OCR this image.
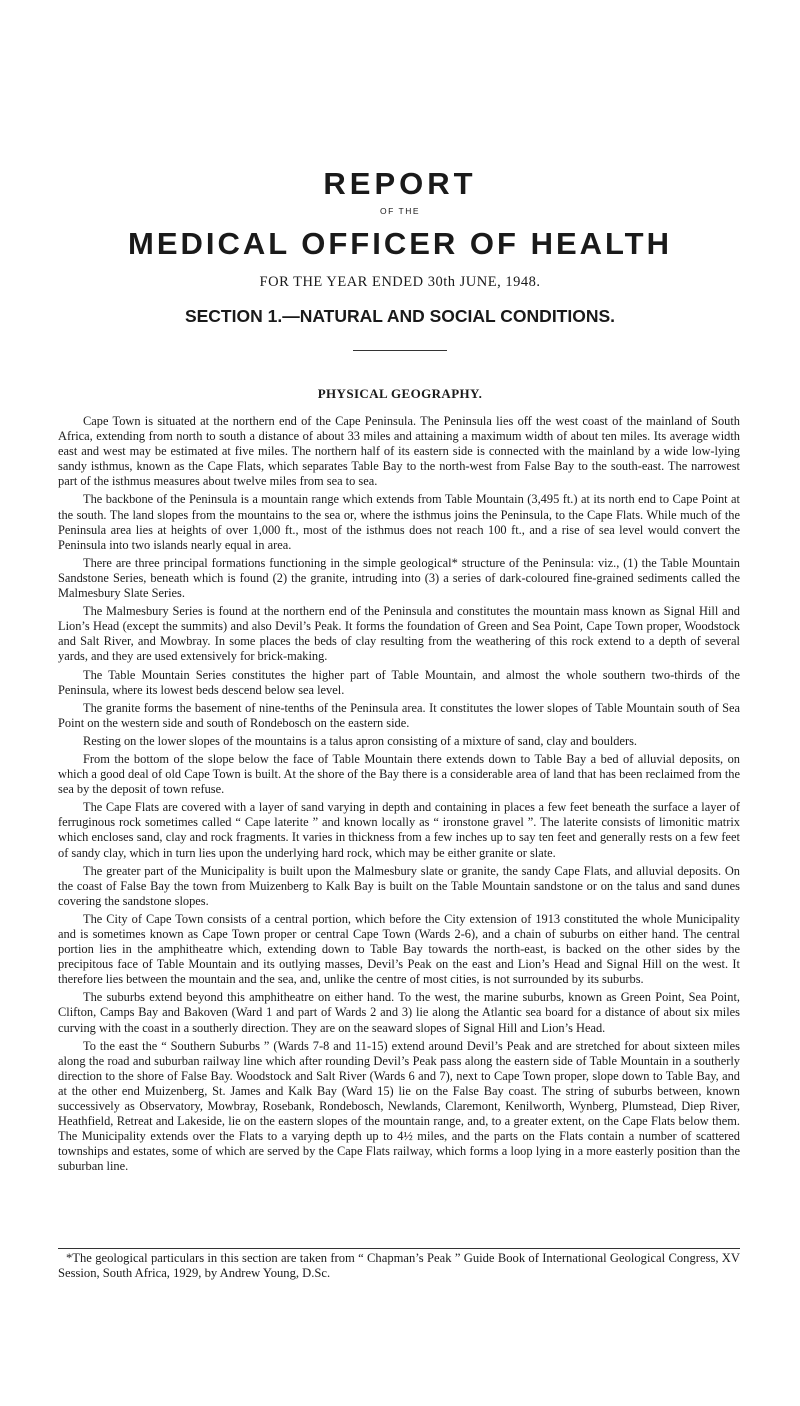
REPORT
OF THE
MEDICAL OFFICER OF HEALTH
FOR THE YEAR ENDED 30th JUNE, 1948.
SECTION 1.—NATURAL AND SOCIAL CONDITIONS.
PHYSICAL GEOGRAPHY.

Cape Town is situated at the northern end of the Cape Peninsula. The Peninsula lies off the west coast of the mainland of South Africa, extending from north to south a distance of about 33 miles and attaining a maximum width of about ten miles. Its average width east and west may be estimated at five miles. The northern half of its eastern side is connected with the mainland by a wide low-lying sandy isthmus, known as the Cape Flats, which separates Table Bay to the north-west from False Bay to the south-east. The narrowest part of the isthmus measures about twelve miles from sea to sea.

The backbone of the Peninsula is a mountain range which extends from Table Mountain (3,495 ft.) at its north end to Cape Point at the south. The land slopes from the mountains to the sea or, where the isthmus joins the Peninsula, to the Cape Flats. While much of the Peninsula area lies at heights of over 1,000 ft., most of the isthmus does not reach 100 ft., and a rise of sea level would convert the Peninsula into two islands nearly equal in area.

There are three principal formations functioning in the simple geological* structure of the Peninsula: viz., (1) the Table Mountain Sandstone Series, beneath which is found (2) the granite, intruding into (3) a series of dark-coloured fine-grained sediments called the Malmesbury Slate Series.

The Malmesbury Series is found at the northern end of the Peninsula and constitutes the mountain mass known as Signal Hill and Lion’s Head (except the summits) and also Devil’s Peak. It forms the foundation of Green and Sea Point, Cape Town proper, Woodstock and Salt River, and Mowbray. In some places the beds of clay resulting from the weathering of this rock extend to a depth of several yards, and they are used extensively for brick-making.

The Table Mountain Series constitutes the higher part of Table Mountain, and almost the whole southern two-thirds of the Peninsula, where its lowest beds descend below sea level.

The granite forms the basement of nine-tenths of the Peninsula area. It constitutes the lower slopes of Table Mountain south of Sea Point on the western side and south of Rondebosch on the eastern side.

Resting on the lower slopes of the mountains is a talus apron consisting of a mixture of sand, clay and boulders.

From the bottom of the slope below the face of Table Mountain there extends down to Table Bay a bed of alluvial deposits, on which a good deal of old Cape Town is built. At the shore of the Bay there is a considerable area of land that has been reclaimed from the sea by the deposit of town refuse.

The Cape Flats are covered with a layer of sand varying in depth and containing in places a few feet beneath the surface a layer of ferruginous rock sometimes called “ Cape laterite ” and known locally as “ ironstone gravel ”. The laterite consists of limonitic matrix which encloses sand, clay and rock fragments. It varies in thickness from a few inches up to say ten feet and generally rests on a few feet of sandy clay, which in turn lies upon the underlying hard rock, which may be either granite or slate.

The greater part of the Municipality is built upon the Malmesbury slate or granite, the sandy Cape Flats, and alluvial deposits. On the coast of False Bay the town from Muizenberg to Kalk Bay is built on the Table Mountain sandstone or on the talus and sand dunes covering the sandstone slopes.

The City of Cape Town consists of a central portion, which before the City extension of 1913 constituted the whole Municipality and is sometimes known as Cape Town proper or central Cape Town (Wards 2-6), and a chain of suburbs on either hand. The central portion lies in the amphitheatre which, extending down to Table Bay towards the north-east, is backed on the other sides by the precipitous face of Table Mountain and its outlying masses, Devil’s Peak on the east and Lion’s Head and Signal Hill on the west. It therefore lies between the mountain and the sea, and, unlike the centre of most cities, is not surrounded by its suburbs.

The suburbs extend beyond this amphitheatre on either hand. To the west, the marine suburbs, known as Green Point, Sea Point, Clifton, Camps Bay and Bakoven (Ward 1 and part of Wards 2 and 3) lie along the Atlantic sea board for a distance of about six miles curving with the coast in a southerly direction. They are on the seaward slopes of Signal Hill and Lion’s Head.

To the east the “ Southern Suburbs ” (Wards 7-8 and 11-15) extend around Devil’s Peak and are stretched for about sixteen miles along the road and suburban railway line which after rounding Devil’s Peak pass along the eastern side of Table Mountain in a southerly direction to the shore of False Bay. Woodstock and Salt River (Wards 6 and 7), next to Cape Town proper, slope down to Table Bay, and at the other end Muizenberg, St. James and Kalk Bay (Ward 15) lie on the False Bay coast. The string of suburbs between, known successively as Observatory, Mowbray, Rosebank, Rondebosch, Newlands, Claremont, Kenilworth, Wynberg, Plumstead, Diep River, Heathfield, Retreat and Lakeside, lie on the eastern slopes of the mountain range, and, to a greater extent, on the Cape Flats below them. The Municipality extends over the Flats to a varying depth up to 4½ miles, and the parts on the Flats contain a number of scattered townships and estates, some of which are served by the Cape Flats railway, which forms a loop lying in a more easterly position than the suburban line.

*The geological particulars in this section are taken from “ Chapman’s Peak ” Guide Book of International Geological Congress, XV Session, South Africa, 1929, by Andrew Young, D.Sc.
